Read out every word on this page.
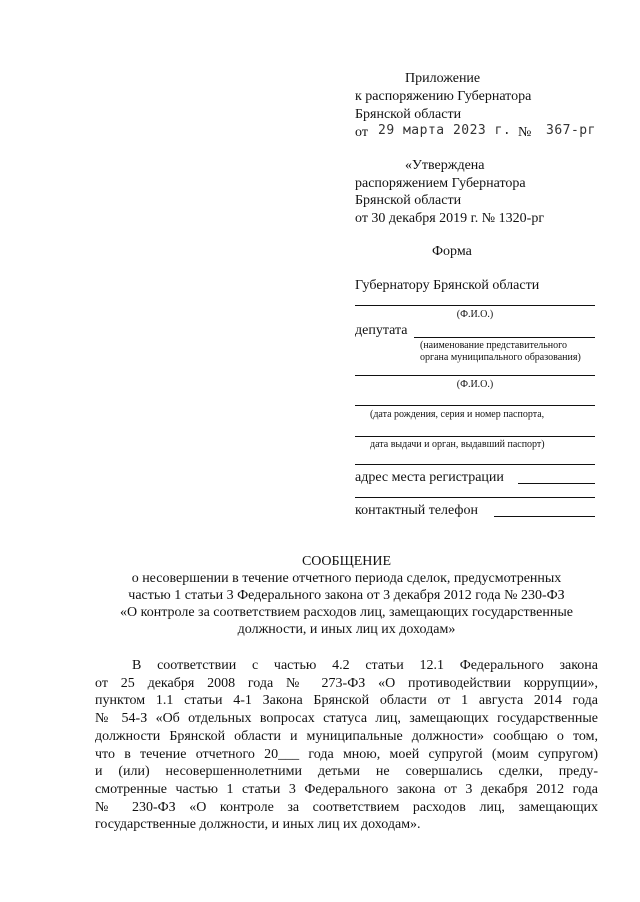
Приложение
к распоряжению Губернатора
Брянской области
от 29 марта 2023 г. № 367-рг
«Утверждена
распоряжением Губернатора
Брянской области
от 30 декабря 2019 г. № 1320-рг
Форма
Губернатору Брянской области
(Ф.И.О.)
депутата
(наименование представительного
органа муниципального образования)
(Ф.И.О.)
(дата рождения, серия и номер паспорта,
дата выдачи и орган, выдавший паспорт)
адрес места регистрации
контактный телефон
СООБЩЕНИЕ
о несовершении в течение отчетного периода сделок, предусмотренных
частью 1 статьи 3 Федерального закона от 3 декабря 2012 года № 230-ФЗ
«О контроле за соответствием расходов лиц, замещающих государственные
должности, и иных лиц их доходам»
В соответствии с частью 4.2 статьи 12.1 Федерального закона
от 25 декабря 2008 года № 273-ФЗ «О противодействии коррупции»,
пунктом 1.1 статьи 4-1 Закона Брянской области от 1 августа 2014 года
№ 54-З «Об отдельных вопросах статуса лиц, замещающих государственные
должности Брянской области и муниципальные должности» сообщаю о том,
что в течение отчетного 20___ года мною, моей супругой (моим супругом)
и (или) несовершеннолетними детьми не совершались сделки, преду-
смотренные частью 1 статьи 3 Федерального закона от 3 декабря 2012 года
№ 230-ФЗ «О контроле за соответствием расходов лиц, замещающих
государственные должности, и иных лиц их доходам».
